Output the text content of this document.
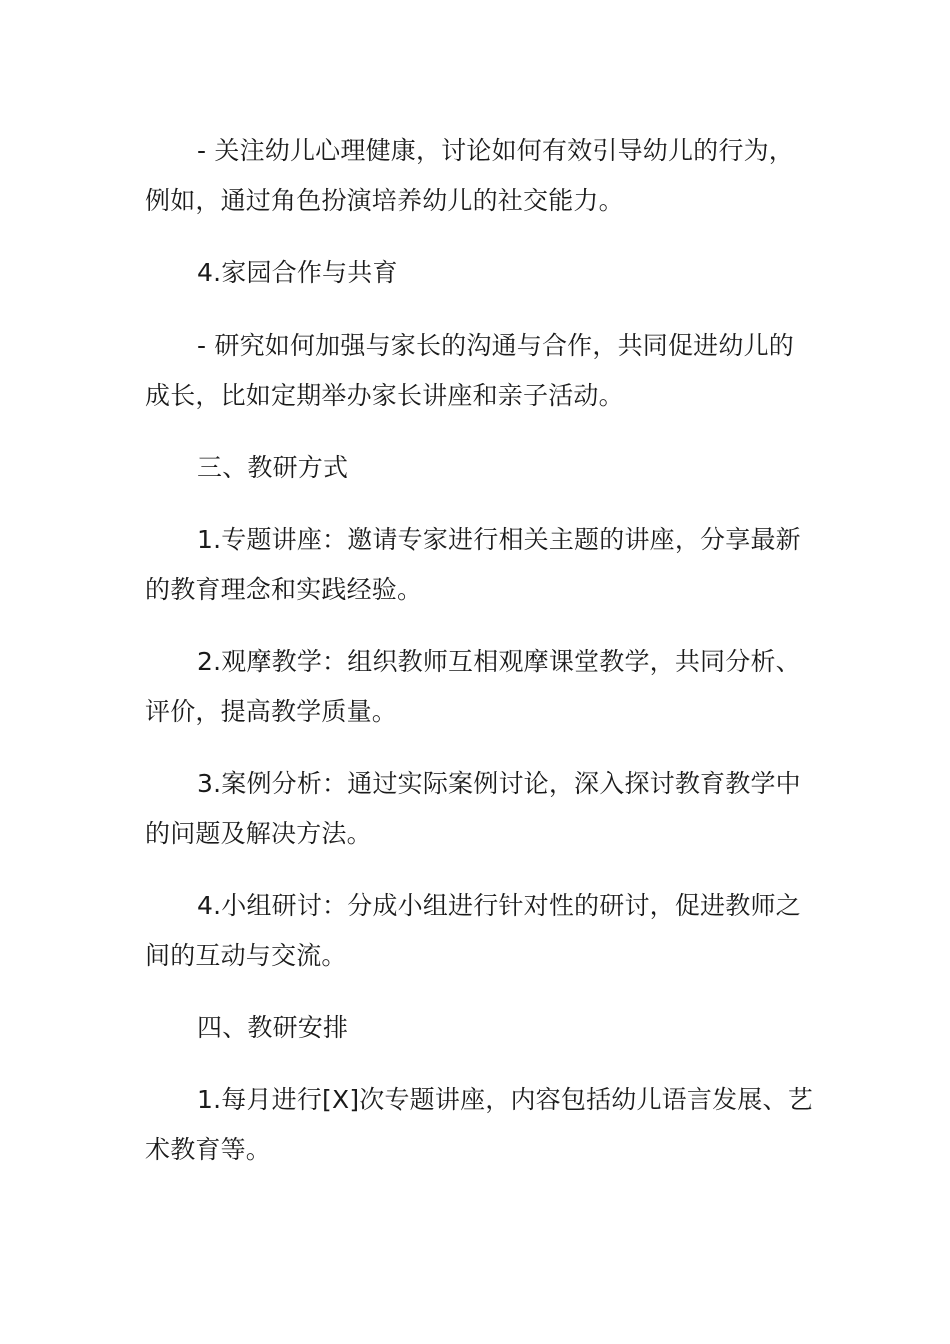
- 关注幼儿心理健康，讨论如何有效引导幼儿的行为，例如，通过角色扮演培养幼儿的社交能力。

4.家园合作与共育

- 研究如何加强与家长的沟通与合作，共同促进幼儿的成长，比如定期举办家长讲座和亲子活动。

三、教研方式

1.专题讲座：邀请专家进行相关主题的讲座，分享最新的教育理念和实践经验。

2.观摩教学：组织教师互相观摩课堂教学，共同分析、评价，提高教学质量。

3.案例分析：通过实际案例讨论，深入探讨教育教学中的问题及解决方法。

4.小组研讨：分成小组进行针对性的研讨，促进教师之间的互动与交流。

四、教研安排

1.每月进行[X]次专题讲座，内容包括幼儿语言发展、艺术教育等。
